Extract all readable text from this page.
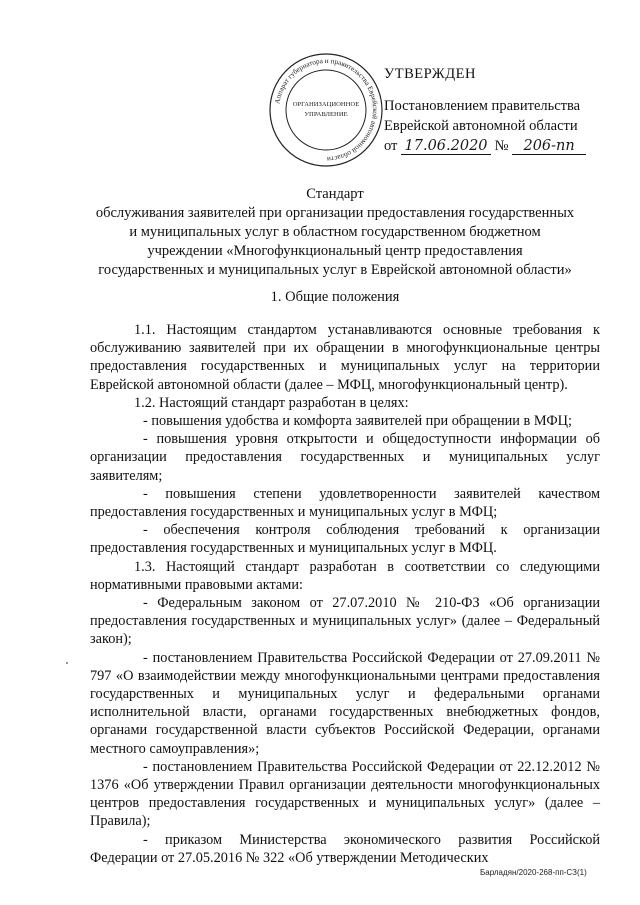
Аппарат губернатора и правительства Еврейской автономной области
ОРГАНИЗАЦИОННОЕ
УПРАВЛЕНИЕ
УТВЕРЖДЕН
Постановлением правительства
Еврейской автономной области
от 17.06.2020 № 206-пп
Стандарт
обслуживания заявителей при организации предоставления государственных
и муниципальных услуг в областном государственном бюджетном
учреждении «Многофункциональный центр предоставления
государственных и муниципальных услуг в Еврейской автономной области»
1. Общие положения

1.1. Настоящим стандартом устанавливаются основные требования к обслуживанию заявителей при их обращении в многофункциональные центры предоставления государственных и муниципальных услуг на территории Еврейской автономной области (далее – МФЦ, многофункциональный центр).

1.2. Настоящий стандарт разработан в целях:

- повышения удобства и комфорта заявителей при обращении в МФЦ;

- повышения уровня открытости и общедоступности информации об организации предоставления государственных и муниципальных услуг заявителям;

- повышения степени удовлетворенности заявителей качеством предоставления государственных и муниципальных услуг в МФЦ;

- обеспечения контроля соблюдения требований к организации предоставления государственных и муниципальных услуг в МФЦ.

1.3. Настоящий стандарт разработан в соответствии со следующими нормативными правовыми актами:

- Федеральным законом от 27.07.2010 № 210-ФЗ «Об организации предоставления государственных и муниципальных услуг» (далее – Федеральный закон);

- постановлением Правительства Российской Федерации от 27.09.2011 № 797 «О взаимодействии между многофункциональными центрами предоставления государственных и муниципальных услуг и федеральными органами исполнительной власти, органами государственных внебюджетных фондов, органами государственной власти субъектов Российской Федерации, органами местного самоуправления»;

- постановлением Правительства Российской Федерации от 22.12.2012 № 1376 «Об утверждении Правил организации деятельности многофункциональных центров предоставления государственных и муниципальных услуг» (далее – Правила);

- приказом Министерства экономического развития Российской Федерации от 27.05.2016 № 322 «Об утверждении Методических

Барладян/2020-268-пп-СЗ(1)
